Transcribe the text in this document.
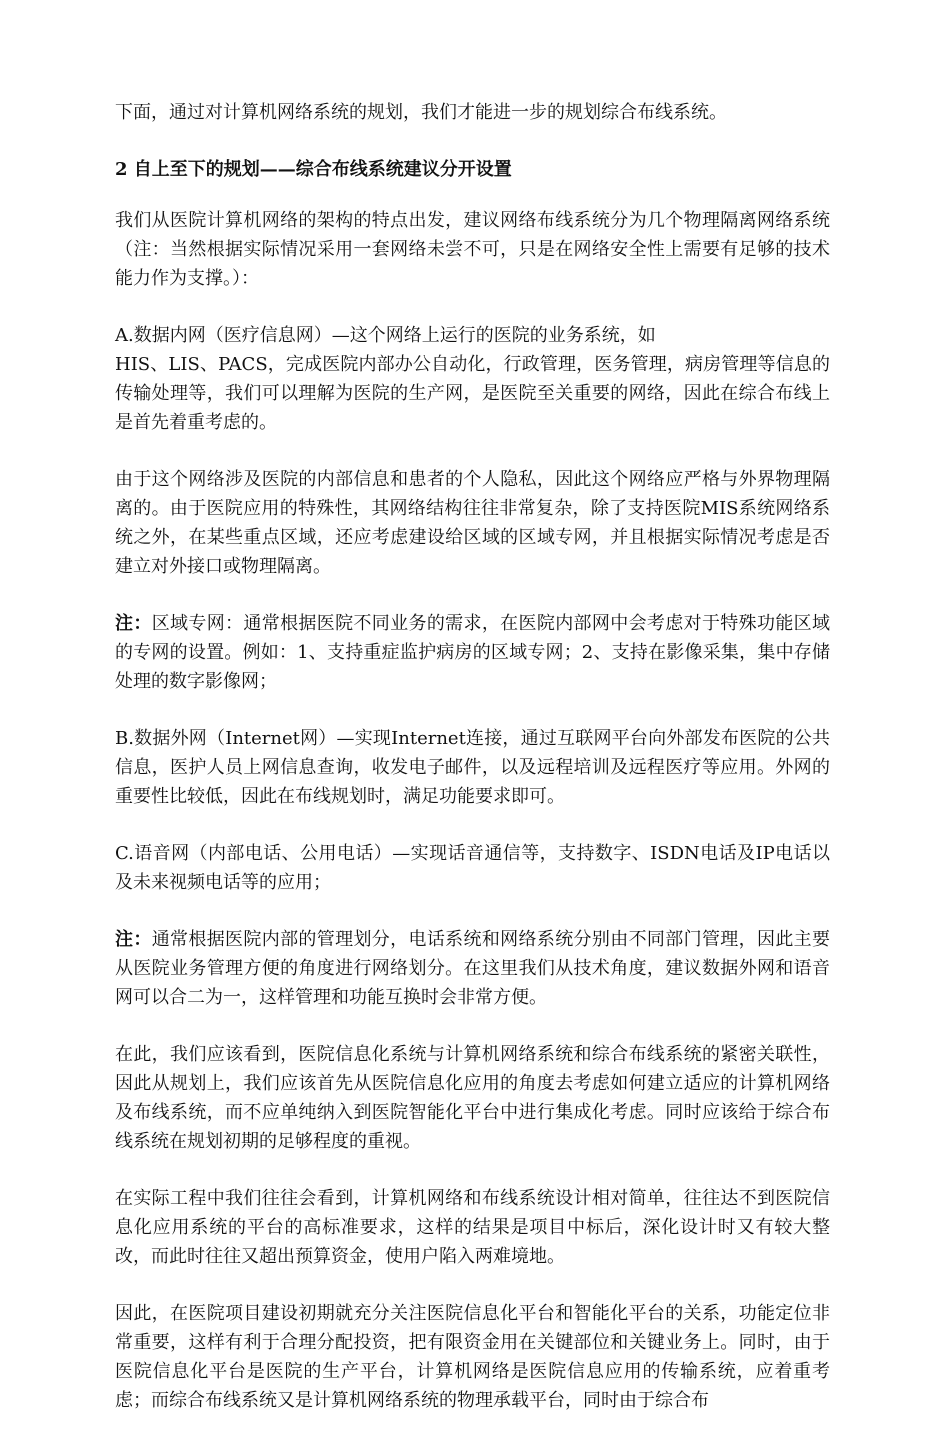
下面，通过对计算机网络系统的规划，我们才能进一步的规划综合布线系统。

2 自上至下的规划——综合布线系统建议分开设置

我们从医院计算机网络的架构的特点出发，建议网络布线系统分为几个物理隔离网络系统（注：当然根据实际情况采用一套网络未尝不可，只是在网络安全性上需要有足够的技术能力作为支撑。）：

A.数据内网（医疗信息网）—这个网络上运行的医院的业务系统，如
HIS、LIS、PACS，完成医院内部办公自动化，行政管理，医务管理，病房管理等信息的传输处理等，我们可以理解为医院的生产网，是医院至关重要的网络，因此在综合布线上是首先着重考虑的。

由于这个网络涉及医院的内部信息和患者的个人隐私，因此这个网络应严格与外界物理隔离的。由于医院应用的特殊性，其网络结构往往非常复杂，除了支持医院MIS系统网络系统之外，在某些重点区域，还应考虑建设给区域的区域专网，并且根据实际情况考虑是否建立对外接口或物理隔离。

注：区域专网：通常根据医院不同业务的需求，在医院内部网中会考虑对于特殊功能区域的专网的设置。例如：1、支持重症监护病房的区域专网；2、支持在影像采集，集中存储处理的数字影像网；

B.数据外网（Internet网）—实现Internet连接，通过互联网平台向外部发布医院的公共信息，医护人员上网信息查询，收发电子邮件，以及远程培训及远程医疗等应用。外网的重要性比较低，因此在布线规划时，满足功能要求即可。

C.语音网（内部电话、公用电话）—实现话音通信等，支持数字、ISDN电话及IP电话以及未来视频电话等的应用；

注：通常根据医院内部的管理划分，电话系统和网络系统分别由不同部门管理，因此主要从医院业务管理方便的角度进行网络划分。在这里我们从技术角度，建议数据外网和语音网可以合二为一，这样管理和功能互换时会非常方便。

在此，我们应该看到，医院信息化系统与计算机网络系统和综合布线系统的紧密关联性，因此从规划上，我们应该首先从医院信息化应用的角度去考虑如何建立适应的计算机网络及布线系统，而不应单纯纳入到医院智能化平台中进行集成化考虑。同时应该给于综合布线系统在规划初期的足够程度的重视。

在实际工程中我们往往会看到，计算机网络和布线系统设计相对简单，往往达不到医院信息化应用系统的平台的高标准要求，这样的结果是项目中标后，深化设计时又有较大整改，而此时往往又超出预算资金，使用户陷入两难境地。

因此，在医院项目建设初期就充分关注医院信息化平台和智能化平台的关系，功能定位非常重要，这样有利于合理分配投资，把有限资金用在关键部位和关键业务上。同时，由于医院信息化平台是医院的生产平台，计算机网络是医院信息应用的传输系统，应着重考虑；而综合布线系统又是计算机网络系统的物理承载平台，同时由于综合布
